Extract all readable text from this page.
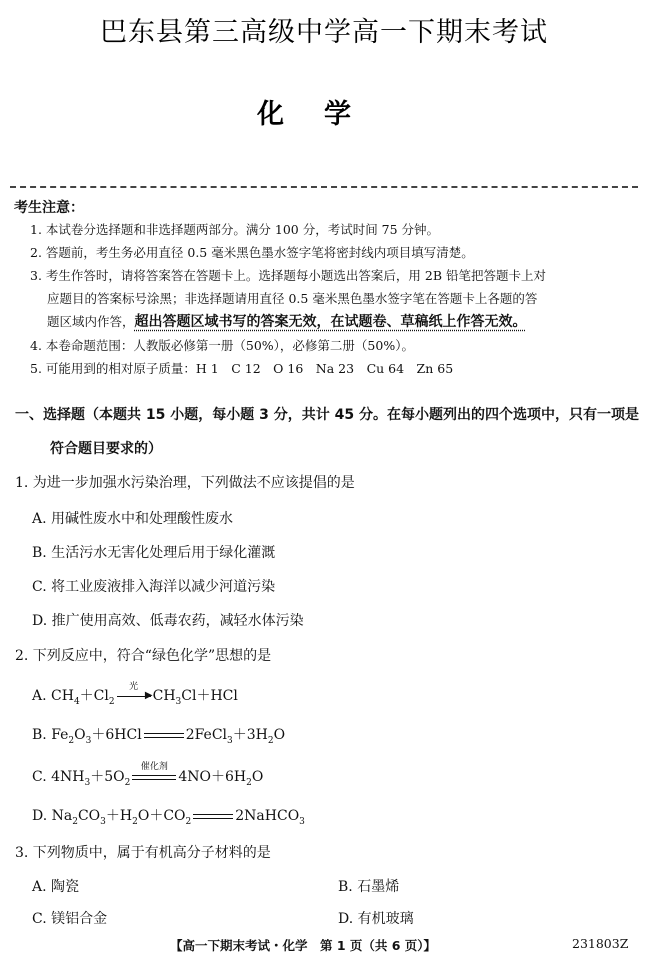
巴东县第三高级中学高一下期末考试
化学
考生注意：

1. 本试卷分选择题和非选择题两部分。满分 100 分，考试时间 75 分钟。

2. 答题前，考生务必用直径 0.5 毫米黑色墨水签字笔将密封线内项目填写清楚。

3. 考生作答时，请将答案答在答题卡上。选择题每小题选出答案后，用 2B 铅笔把答题卡上对

应题目的答案标号涂黑；非选择题请用直径 0.5 毫米黑色墨水签字笔在答题卡上各题的答

题区域内作答，超出答题区域书写的答案无效，在试题卷、草稿纸上作答无效。

4. 本卷命题范围：人教版必修第一册（50%），必修第二册（50%）。

5. 可能用到的相对原子质量：H 1　C 12　O 16　Na 23　Cu 64　Zn 65

一、选择题（本题共 15 小题，每小题 3 分，共计 45 分。在每小题列出的四个选项中，只有一项是
符合题目要求的）
1. 为进一步加强水污染治理，下列做法不应该提倡的是
A. 用碱性废水中和处理酸性废水
B. 生活污水无害化处理后用于绿化灌溉
C. 将工业废液排入海洋以减少河道污染
D. 推广使用高效、低毒农药，减轻水体污染
2. 下列反应中，符合“绿色化学”思想的是
A. $CH_4+Cl_2$
光
▶ $CH_3Cl+HCl$
B. $Fe_2O_3+6HCl$	$2FeCl_3+3H_2O$
C. $4NH_3+5O_2$
催化剂
$4NO+6H_2O$
D. $Na_2CO_3+H_2O+CO_2$	2NaHCO$_3$
3. 下列物质中，属于有机高分子材料的是
A. 陶瓷	B. 石墨烯
C. 镁铝合金	D. 有机玻璃
【高一下期末考试・化学　第 1 页（共 6 页）】	231803Z
